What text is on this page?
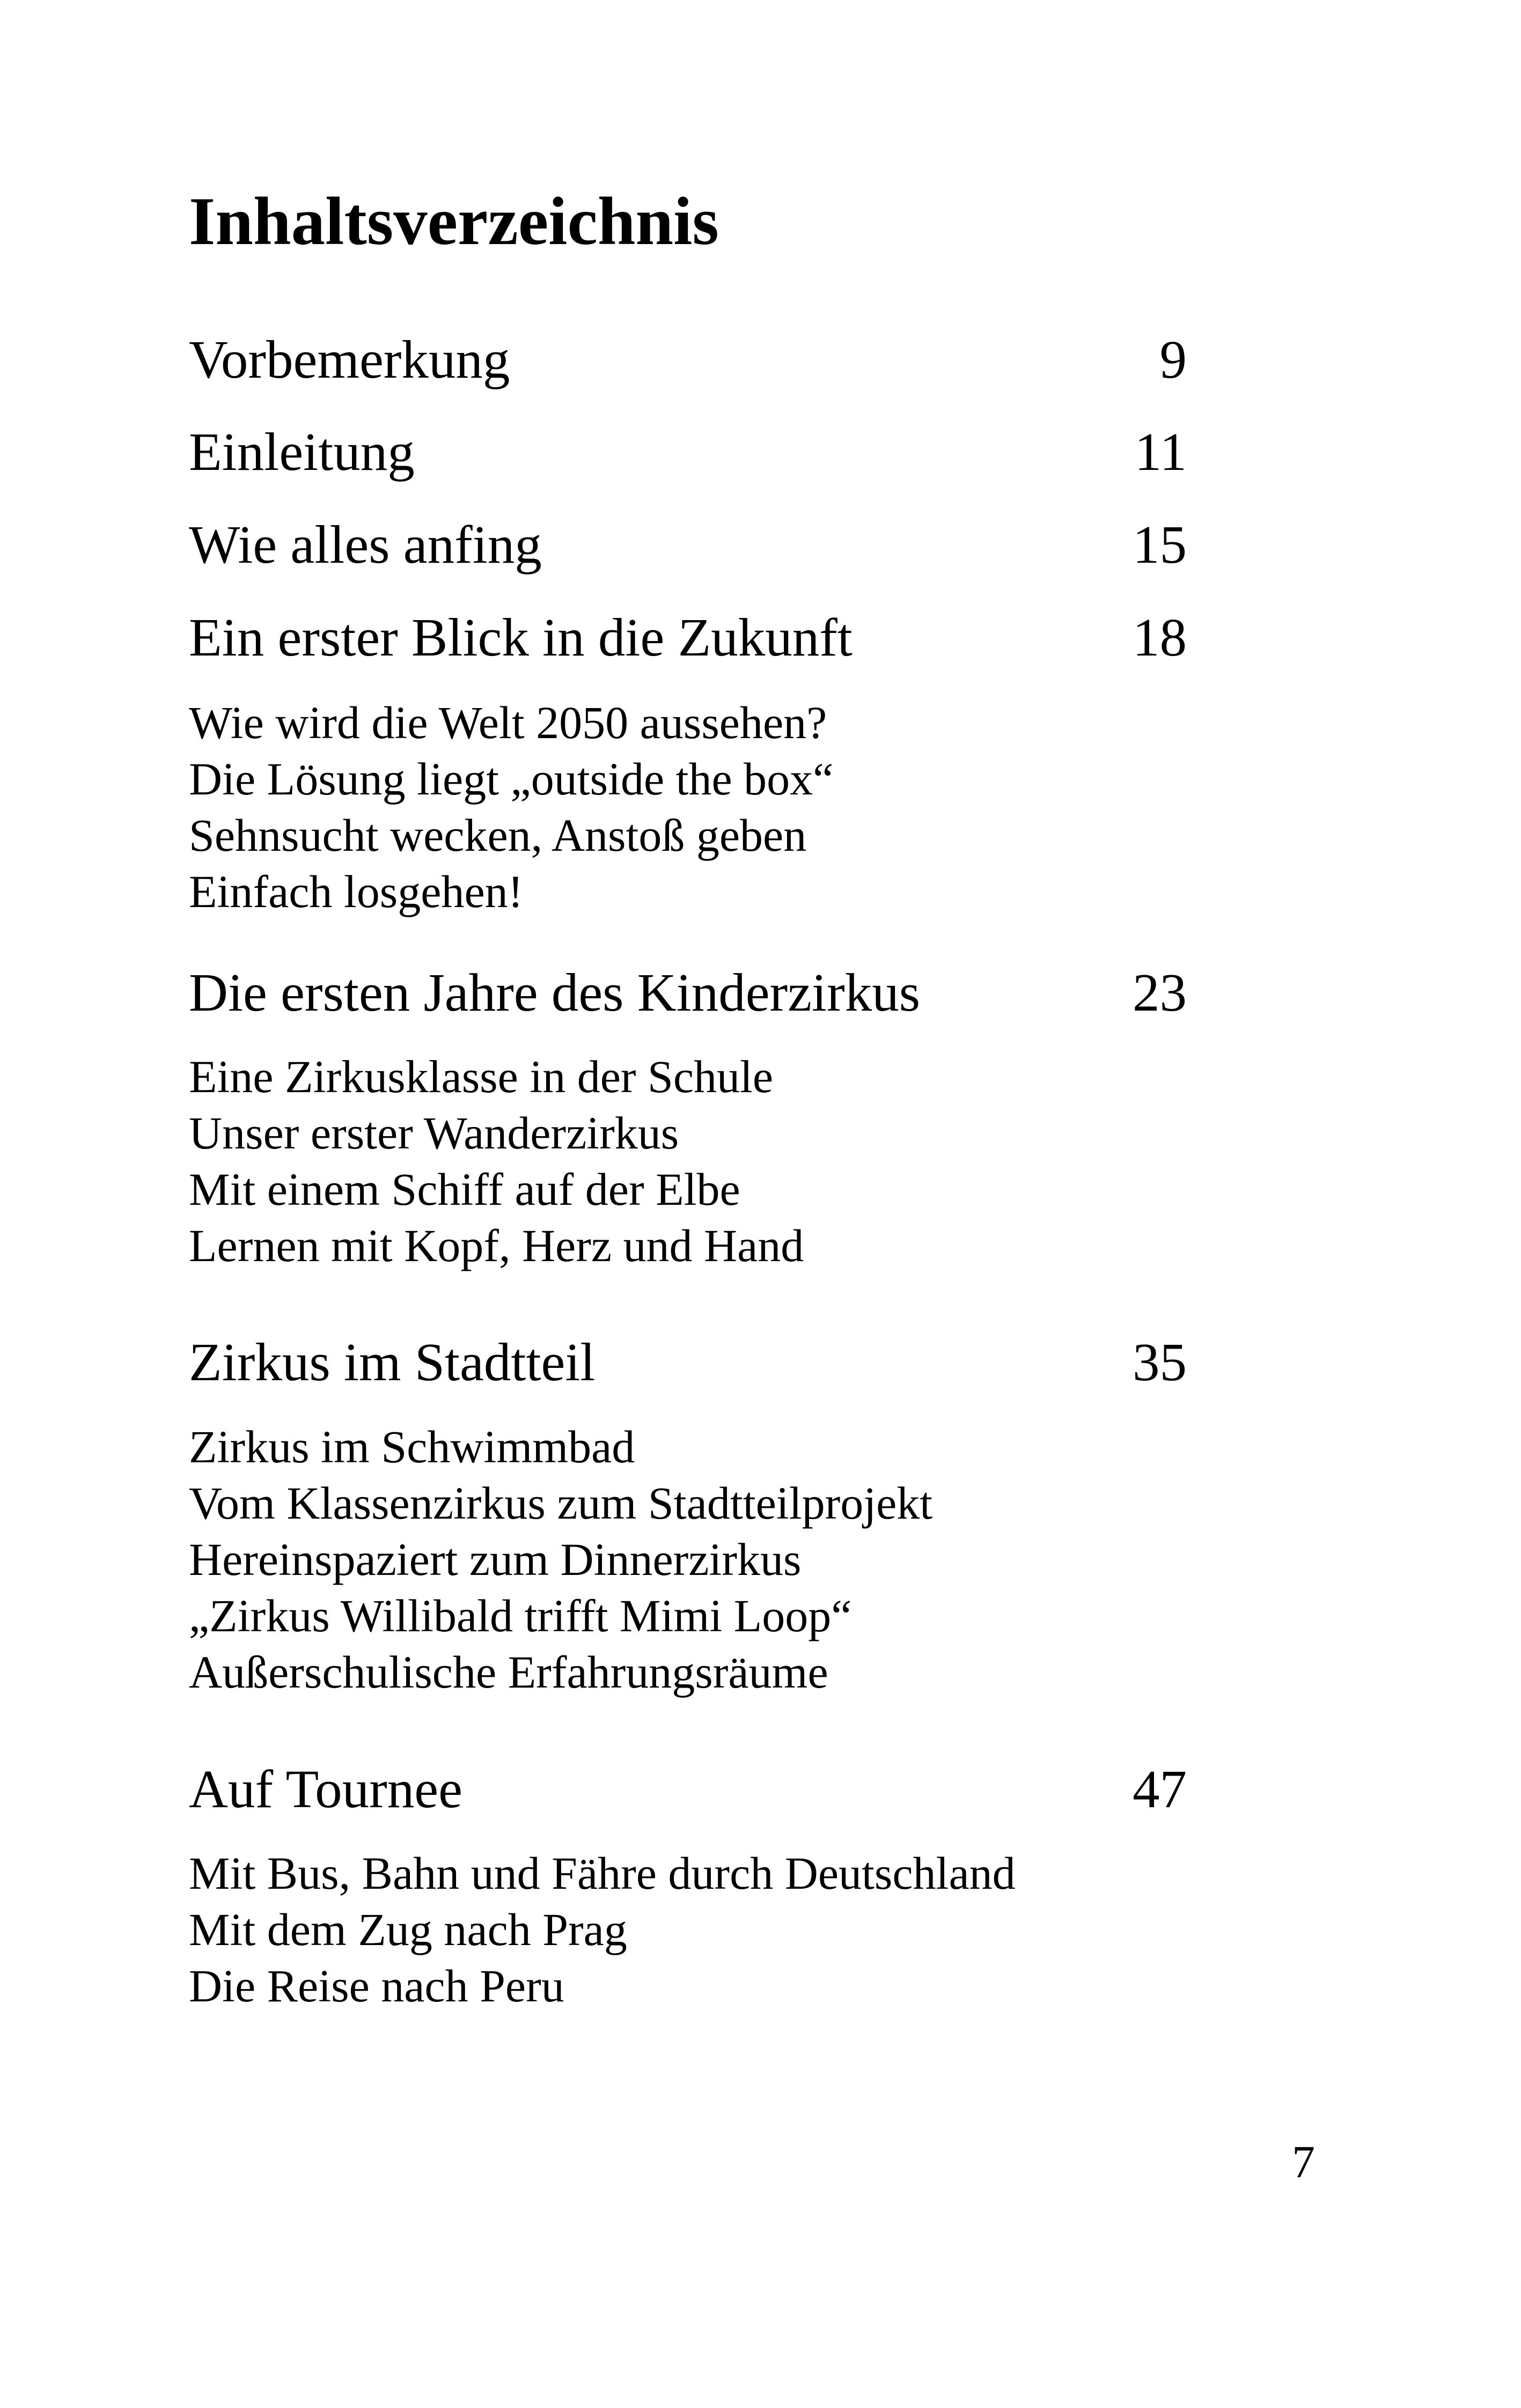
Inhaltsverzeichnis
Vorbemerkung	9
Einleitung	11
Wie alles anfing	15
Ein erster Blick in die Zukunft	18
Wie wird die Welt 2050 aussehen?
Die Lösung liegt „outside the box“
Sehnsucht wecken, Anstoß geben
Einfach losgehen!
Die ersten Jahre des Kinderzirkus	23
Eine Zirkusklasse in der Schule
Unser erster Wanderzirkus
Mit einem Schiff auf der Elbe
Lernen mit Kopf, Herz und Hand
Zirkus im Stadtteil	35
Zirkus im Schwimmbad
Vom Klassenzirkus zum Stadtteilprojekt
Hereinspaziert zum Dinnerzirkus
„Zirkus Willibald trifft Mimi Loop“
Außerschulische Erfahrungsräume
Auf Tournee	47
Mit Bus, Bahn und Fähre durch Deutschland
Mit dem Zug nach Prag
Die Reise nach Peru
7
